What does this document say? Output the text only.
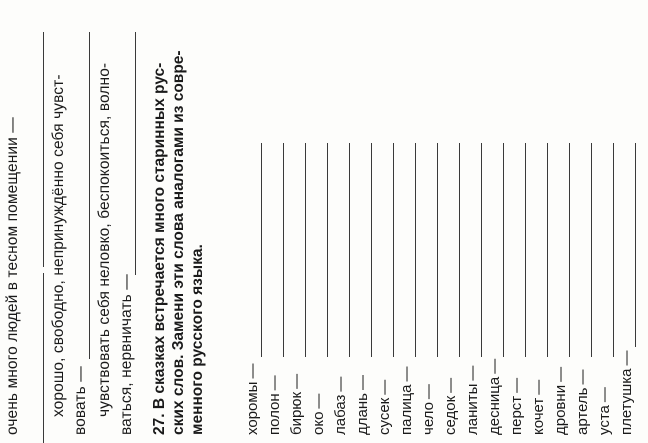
очень много людей в тесном помещении — хорошо, свободно, непринуждённо себя чувст- вовать — чувствовать себя неловко, беспокоиться, волно- ваться, нервничать — 27. В сказках встречается много старинных рус- ских слов. Замени эти слова аналогами из совре- менного русского языка.	хоромы—
полон—
бирюк—
око— лабаз—
длань—
сусек— палица—
чело—
седок— ланиты—
десница—
перст—
кочет— дровни—
артель—
уста— плетушка—
